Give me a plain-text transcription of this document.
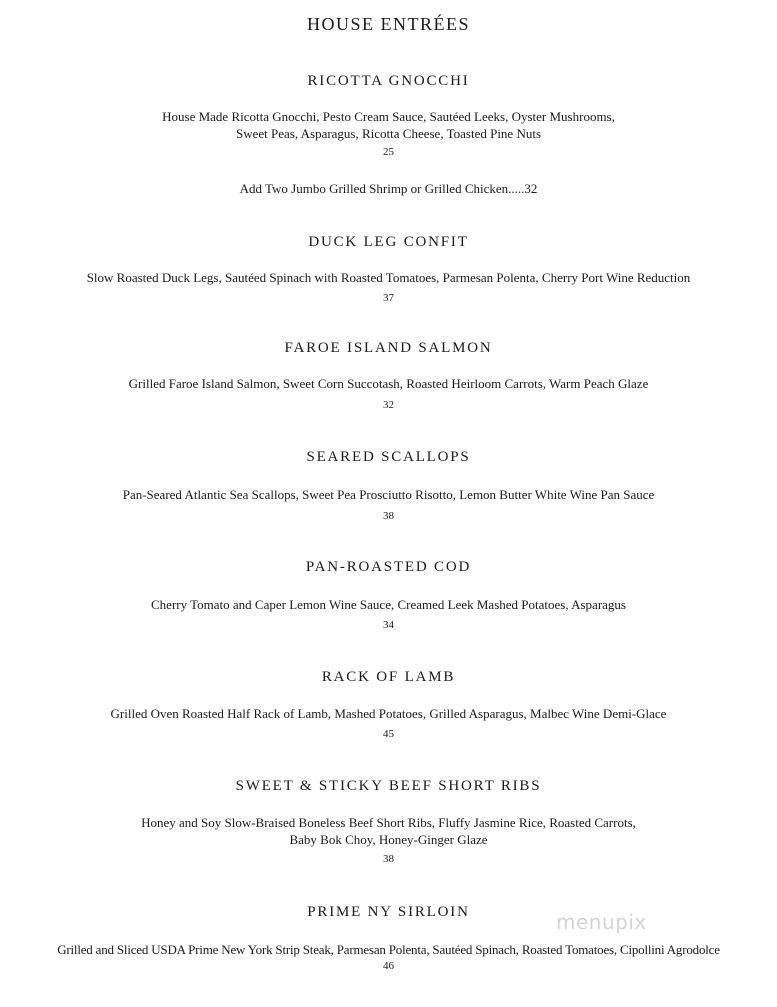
HOUSE ENTRÉES
RICOTTA GNOCCHI
House Made Ricotta Gnocchi, Pesto Cream Sauce, Sautéed Leeks, Oyster Mushrooms,
Sweet Peas, Asparagus, Ricotta Cheese, Toasted Pine Nuts
25
Add Two Jumbo Grilled Shrimp or Grilled Chicken.....32
DUCK LEG CONFIT
Slow Roasted Duck Legs, Sautéed Spinach with Roasted Tomatoes, Parmesan Polenta, Cherry Port Wine Reduction
37
FAROE ISLAND SALMON
Grilled Faroe Island Salmon, Sweet Corn Succotash, Roasted Heirloom Carrots, Warm Peach Glaze
32
SEARED SCALLOPS
Pan-Seared Atlantic Sea Scallops, Sweet Pea Prosciutto Risotto, Lemon Butter White Wine Pan Sauce
38
PAN-ROASTED COD
Cherry Tomato and Caper Lemon Wine Sauce, Creamed Leek Mashed Potatoes, Asparagus
34
RACK OF LAMB
Grilled Oven Roasted Half Rack of Lamb, Mashed Potatoes, Grilled Asparagus, Malbec Wine Demi-Glace
45
SWEET & STICKY BEEF SHORT RIBS
Honey and Soy Slow-Braised Boneless Beef Short Ribs, Fluffy Jasmine Rice, Roasted Carrots,
Baby Bok Choy, Honey-Ginger Glaze
38
PRIME NY SIRLOIN
Grilled and Sliced USDA Prime New York Strip Steak, Parmesan Polenta, Sautéed Spinach, Roasted Tomatoes, Cipollini Agrodolce
46
menupix
